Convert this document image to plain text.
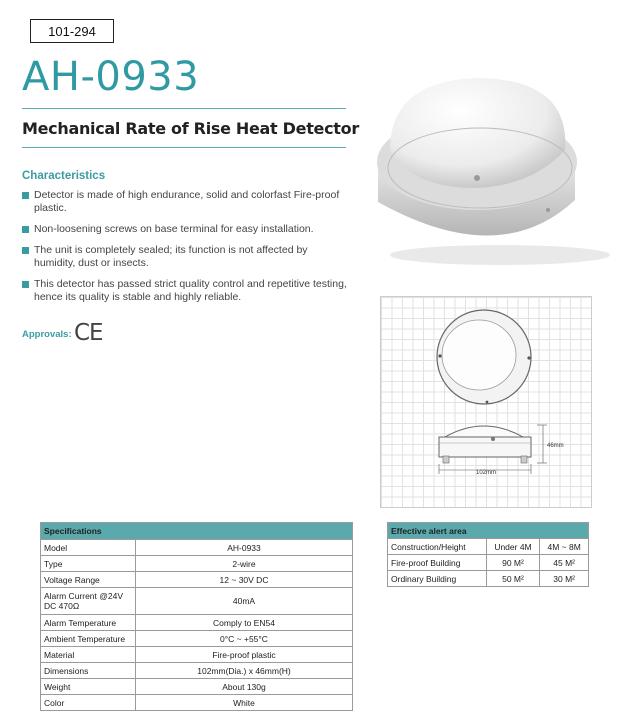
101-294
AH-0933
Mechanical Rate of Rise Heat Detector
Characteristics
Detector is made of high endurance, solid and colorfast Fire-proof plastic.
Non-loosening screws on base terminal for easy installation.
The unit is completely sealed; its function is not affected by humidity, dust or insects.
This detector has passed strict quality control and repetitive testing, hence its quality is stable and highly reliable.
Approvals: CE
46mm
102mm
Specifications	
Model	AH-0933
Type	2-wire
Voltage Range	12 ~ 30V DC
Alarm Current @24V DC 470Ω	40mA
Alarm Temperature	Comply to EN54
Ambient Temperature	0°C ~ +55°C
Material	Fire-proof plastic
Dimensions	102mm(Dia.) x 46mm(H)
Weight	About 130g
Color	White
Effective alert area		
Construction/Height	Under 4M	4M ~ 8M
Fire-proof Building	90 M²	45 M²
Ordinary Building	50 M²	30 M²
